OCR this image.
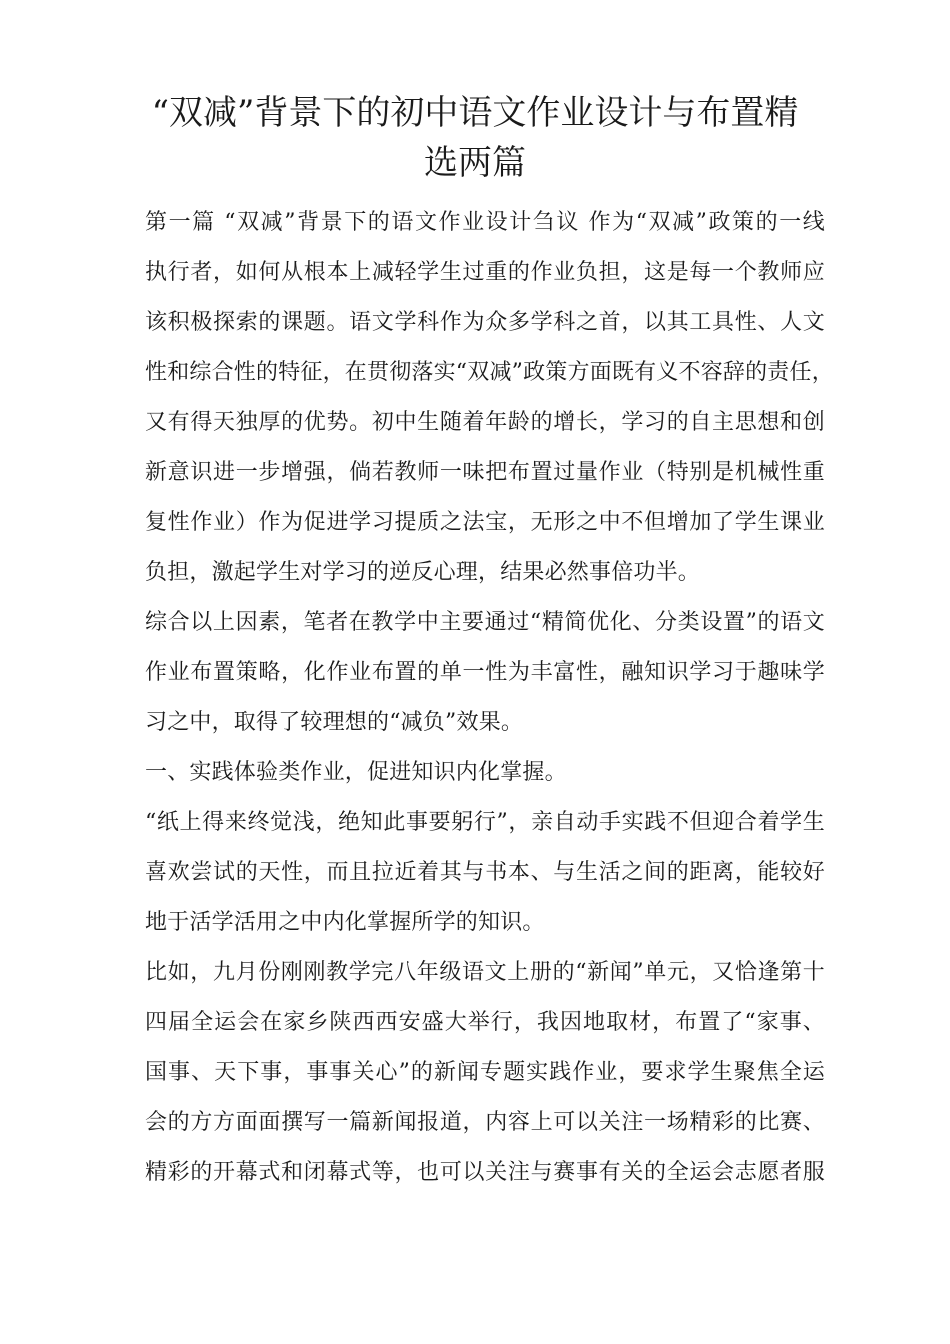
“双减”背景下的初中语文作业设计与布置精
选两篇
第一篇 “双减”背景下的语文作业设计刍议 作为“双减”政策的一线
执行者，如何从根本上减轻学生过重的作业负担，这是每一个教师应
该积极探索的课题。语文学科作为众多学科之首，以其工具性、人文
性和综合性的特征，在贯彻落实“双减”政策方面既有义不容辞的责任，
又有得天独厚的优势。初中生随着年龄的增长，学习的自主思想和创
新意识进一步增强，倘若教师一味把布置过量作业（特别是机械性重
复性作业）作为促进学习提质之法宝，无形之中不但增加了学生课业
负担，激起学生对学习的逆反心理，结果必然事倍功半。
综合以上因素，笔者在教学中主要通过“精简优化、分类设置”的语文
作业布置策略，化作业布置的单一性为丰富性，融知识学习于趣味学
习之中，取得了较理想的“减负”效果。
一、实践体验类作业，促进知识内化掌握。
“纸上得来终觉浅，绝知此事要躬行”，亲自动手实践不但迎合着学生
喜欢尝试的天性，而且拉近着其与书本、与生活之间的距离，能较好
地于活学活用之中内化掌握所学的知识。
比如，九月份刚刚教学完八年级语文上册的“新闻”单元，又恰逢第十
四届全运会在家乡陕西西安盛大举行，我因地取材，布置了“家事、
国事、天下事，事事关心”的新闻专题实践作业，要求学生聚焦全运
会的方方面面撰写一篇新闻报道，内容上可以关注一场精彩的比赛、
精彩的开幕式和闭幕式等，也可以关注与赛事有关的全运会志愿者服
